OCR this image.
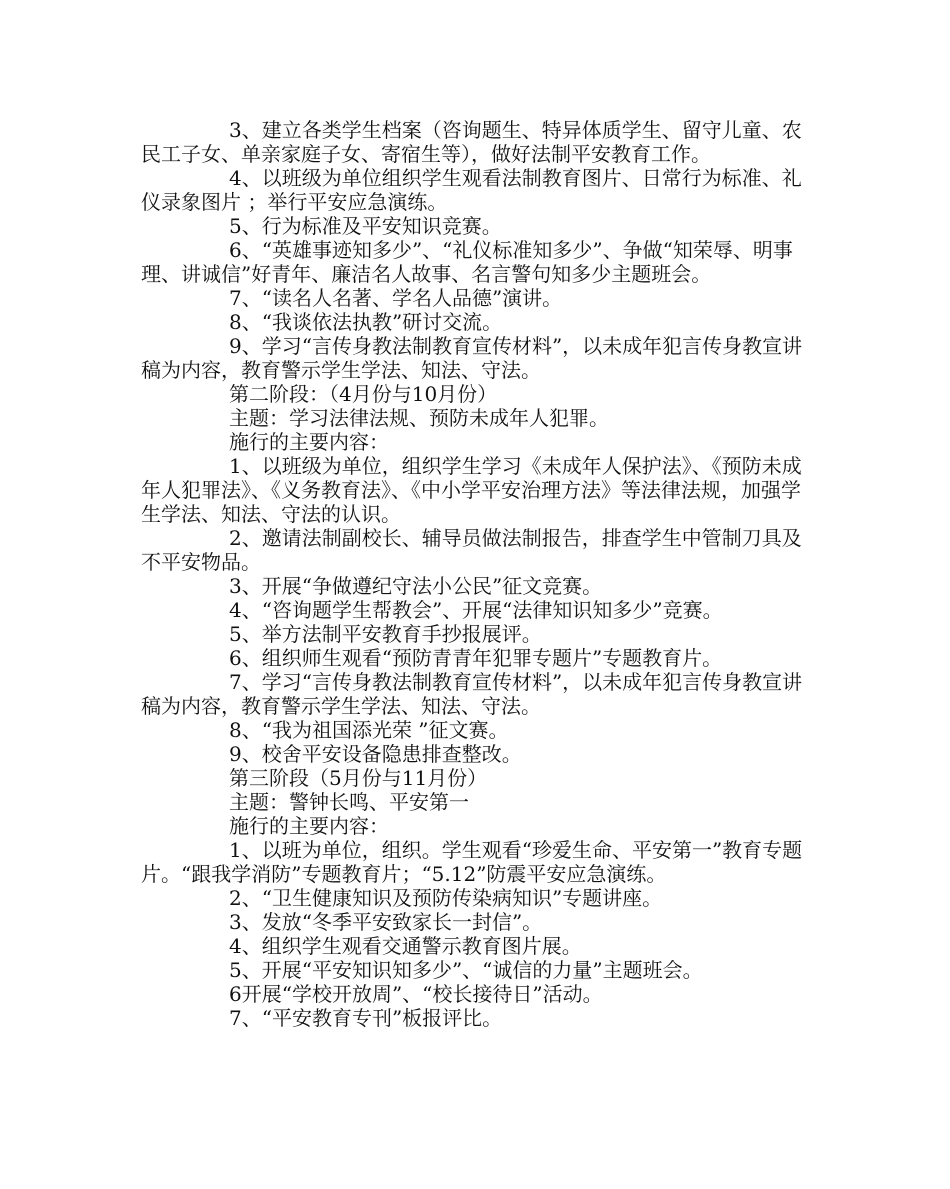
3、建立各类学生档案（咨询题生、特异体质学生、留守儿童、农民工子女、单亲家庭子女、寄宿生等），做好法制平安教育工作。

4、以班级为单位组织学生观看法制教育图片、日常行为标准、礼仪录象图片 ；举行平安应急演练。

5、行为标准及平安知识竞赛。

6、“英雄事迹知多少”、“礼仪标准知多少”、争做“知荣辱、明事理、讲诚信”好青年、廉洁名人故事、名言警句知多少主题班会。

7、“读名人名著、学名人品德”演讲。

8、“我谈依法执教”研讨交流。

9、学习“言传身教法制教育宣传材料”，以未成年犯言传身教宣讲稿为内容，教育警示学生学法、知法、守法。

第二阶段：（4月份与10月份）

主题：学习法律法规、预防未成年人犯罪。

施行的主要内容：

1、以班级为单位，组织学生学习《未成年人保护法》、《预防未成年人犯罪法》、《义务教育法》、《中小学平安治理方法》等法律法规，加强学生学法、知法、守法的认识。

2、邀请法制副校长、辅导员做法制报告，排查学生中管制刀具及不平安物品。

3、开展“争做遵纪守法小公民”征文竞赛。

4、“咨询题学生帮教会”、开展“法律知识知多少”竞赛。

5、举方法制平安教育手抄报展评。

6、组织师生观看“预防青青年犯罪专题片”专题教育片。

7、学习“言传身教法制教育宣传材料”，以未成年犯言传身教宣讲稿为内容，教育警示学生学法、知法、守法。

8、“我为祖国添光荣 ”征文赛。

9、校舍平安设备隐患排查整改。

第三阶段（5月份与11月份）

主题：警钟长鸣、平安第一

施行的主要内容：

1、以班为单位，组织。学生观看“珍爱生命、平安第一”教育专题片。“跟我学消防”专题教育片；“5.12”防震平安应急演练。

2、“卫生健康知识及预防传染病知识”专题讲座。

3、发放“冬季平安致家长一封信”。

4、组织学生观看交通警示教育图片展。

5、开展“平安知识知多少”、“诚信的力量”主题班会。

6开展“学校开放周”、“校长接待日”活动。

7、“平安教育专刊”板报评比。
